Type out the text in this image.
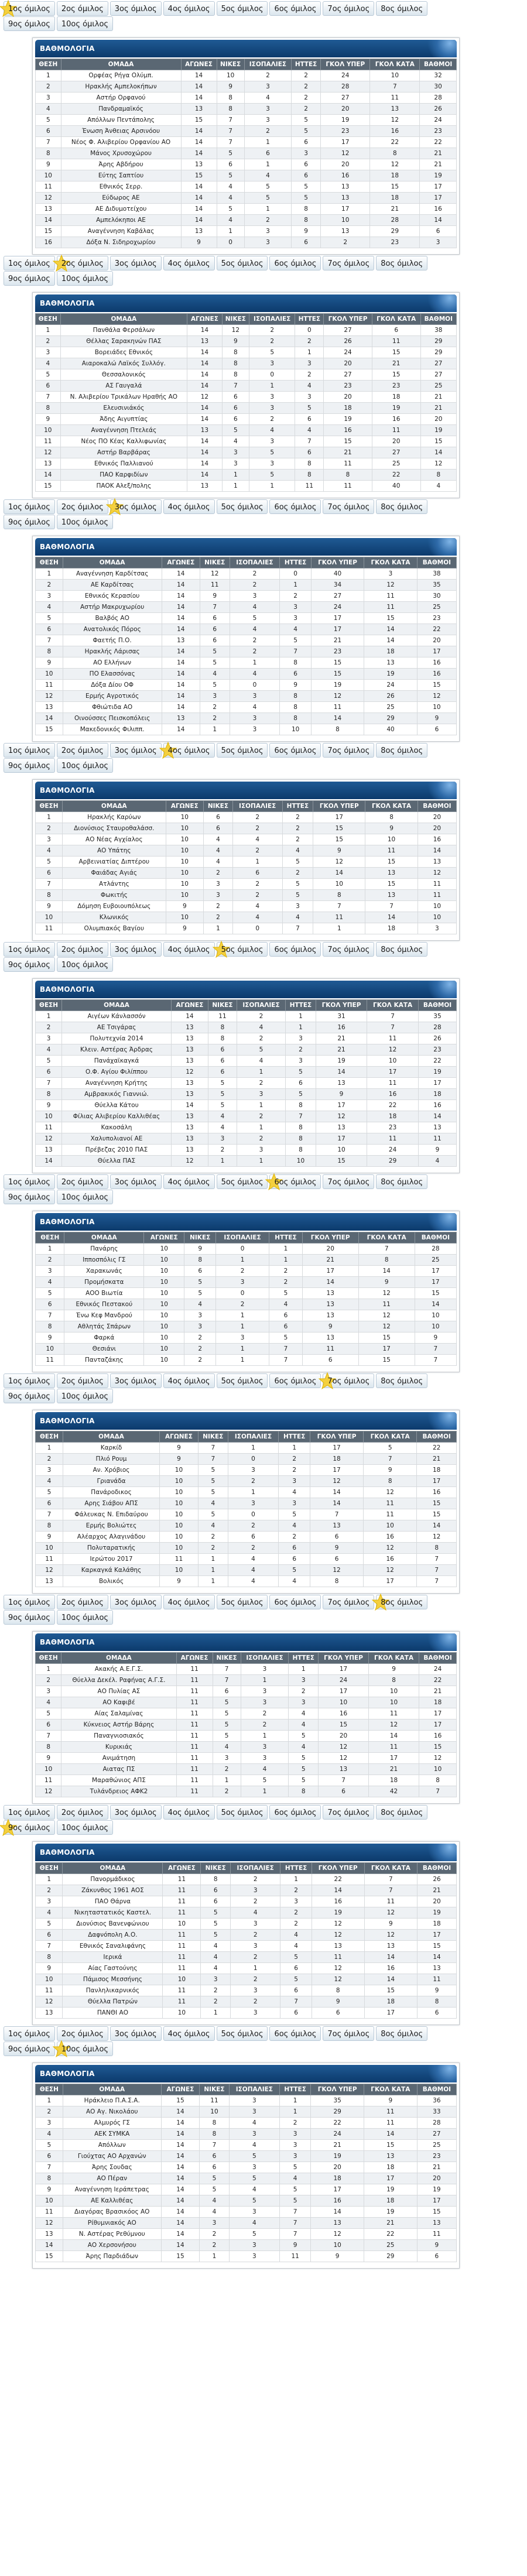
1ος όμιλος	2ος όμιλος	3ος όμιλος	4ος όμιλος	5ος όμιλος	6ος όμιλος	7ος όμιλος	8ος όμιλος
9ος όμιλος	10ος όμιλος
ΒΑΘΜΟΛΟΓΙΑ
ΘΕΣΗ	ΟΜΑΔΑ	ΑΓΩΝΕΣ	ΝΙΚΕΣ	ΙΣΟΠΑΛΙΕΣ	ΗΤΤΕΣ	ΓΚΟΛ ΥΠΕΡ	ΓΚΟΛ ΚΑΤΑ	ΒΑΘΜΟΙ
1	Ορφέας Ρήγα Ολύμπ.	14	10	2	2	24	10	32
2	Ηρακλής Αμπελοκήπων	14	9	3	2	28	7	30
3	Αστήρ Ορφανού	14	8	4	2	27	11	28
4	Πανδραμαϊκός	13	8	3	2	20	13	26
5	Απόλλων Πεντάπολης	15	7	3	5	19	12	24
6	Ένωση Άνθειας Αρσινόου	14	7	2	5	23	16	23
7	Νέος Φ. Αλιβερίου Ορφανίου ΑΟ	14	7	1	6	17	22	22
8	Μάνος Χρυσοχώρου	14	5	6	3	12	8	21
9	Άρης Αβδήρου	13	6	1	6	20	12	21
10	Εύτης Σαπτίου	15	5	4	6	16	18	19
11	Εθνικός Σερρ.	14	4	5	5	13	15	17
12	Εύδωρος ΑΕ	14	4	5	5	13	18	17
13	ΑΕ Διδυμοτείχου	14	5	1	8	17	21	16
14	Αμπελόκηποι ΑΕ	14	4	2	8	10	28	14
15	Αναγέννηση Καβάλας	13	1	3	9	13	29	6
16	Δόξα Ν. Σιδηροχωρίου	9	0	3	6	2	23	3
1ος όμιλος	2ος όμιλος	3ος όμιλος	4ος όμιλος	5ος όμιλος	6ος όμιλος	7ος όμιλος	8ος όμιλος
9ος όμιλος	10ος όμιλος
ΒΑΘΜΟΛΟΓΙΑ
ΘΕΣΗ	ΟΜΑΔΑ	ΑΓΩΝΕΣ	ΝΙΚΕΣ	ΙΣΟΠΑΛΙΕΣ	ΗΤΤΕΣ	ΓΚΟΛ ΥΠΕΡ	ΓΚΟΛ ΚΑΤΑ	ΒΑΘΜΟΙ
1	Πανθάλα Φερσάλων	14	12	2	0	27	6	38
2	Θέλλας Σαρακηνών ΠΑΣ	13	9	2	2	26	11	29
3	Βορειάδες Εθνικός	14	8	5	1	24	15	29
4	Αιαροκαλώ Λαϊκός Συλλόγ.	14	8	3	3	20	21	27
5	Θεσσαλονικός	14	8	0	2	27	15	27
6	ΑΣ Γαυγαλά	14	7	1	4	23	23	25
7	Ν. Αλιβερίου Τρικάλων Ηραθής ΑΟ	12	6	3	3	20	18	21
8	Ελευσινιάκός	14	6	3	5	18	19	21
9	Άδης Αιγυπτίας	14	6	2	6	19	16	20
10	Αναγέννηση Πτελεάς	13	5	4	4	16	11	19
11	Νέος ΠΟ Κέας Καλλιφωνίας	14	4	3	7	15	20	15
12	Αστήρ Βαρβάρας	14	3	5	6	21	27	14
13	Εθνικός Παλλιανού	14	3	3	8	11	25	12
14	ΠΑΟ Καρφιδίων	14	1	5	8	8	22	8
15	ΠΑΟΚ Αλεξ/πολης	13	1	1	11	11	40	4
1ος όμιλος	2ος όμιλος	3ος όμιλος	4ος όμιλος	5ος όμιλος	6ος όμιλος	7ος όμιλος	8ος όμιλος
9ος όμιλος	10ος όμιλος
ΒΑΘΜΟΛΟΓΙΑ
ΘΕΣΗ	ΟΜΑΔΑ	ΑΓΩΝΕΣ	ΝΙΚΕΣ	ΙΣΟΠΑΛΙΕΣ	ΗΤΤΕΣ	ΓΚΟΛ ΥΠΕΡ	ΓΚΟΛ ΚΑΤΑ	ΒΑΘΜΟΙ
1	Αναγέννηση Καρδίτσας	14	12	2	0	40	3	38
2	ΑΕ Καρδίτσας	14	11	2	1	34	12	35
3	Εθνικός Κερασίου	14	9	3	2	27	11	30
4	Αστήρ Μακρυχωρίου	14	7	4	3	24	11	25
5	Βαλβός ΑΟ	14	6	5	3	17	15	23
6	Ανατολικός Πόρος	14	6	4	4	17	14	22
7	Φαετής Π.Ο.	13	6	2	5	21	14	20
8	Ηρακλής Λάρισας	14	5	2	7	23	18	17
9	ΑΟ Ελλήνων	14	5	1	8	15	13	16
10	ΠΟ Ελασσόνας	14	4	4	6	15	19	16
11	Δόξα Δίου ΟΦ	14	5	0	9	19	24	15
12	Ερμής Αγροτικός	14	3	3	8	12	26	12
13	Φθιώτιδα ΑΟ	14	2	4	8	11	25	10
14	Οινούσσες Πεισκοπόλεις	13	2	3	8	14	29	9
15	Μακεδονικός Φιλιππ.	14	1	3	10	8	40	6
1ος όμιλος	2ος όμιλος	3ος όμιλος	4ος όμιλος	5ος όμιλος	6ος όμιλος	7ος όμιλος	8ος όμιλος
9ος όμιλος	10ος όμιλος
ΒΑΘΜΟΛΟΓΙΑ
ΘΕΣΗ	ΟΜΑΔΑ	ΑΓΩΝΕΣ	ΝΙΚΕΣ	ΙΣΟΠΑΛΙΕΣ	ΗΤΤΕΣ	ΓΚΟΛ ΥΠΕΡ	ΓΚΟΛ ΚΑΤΑ	ΒΑΘΜΟΙ
1	Ηρακλής Καρύων	10	6	2	2	17	8	20
2	Διονύσιος Σταυροθαλάσσ.	10	6	2	2	15	9	20
3	ΑΟ Νέας Αγχίαλος	10	4	4	2	15	10	16
4	ΑΟ Υπάτης	10	4	2	4	9	11	14
5	Αρβεινιατίας Διπτέρου	10	4	1	5	12	15	13
6	Φαιάδας Αγιάς	10	2	6	2	14	13	12
7	Ατλάντης	10	3	2	5	10	15	11
8	Φωκιτής	10	3	2	5	8	13	11
9	Δόμηση Ευβοιουπόλεως	9	2	4	3	7	7	10
10	Κλωνικός	10	2	4	4	11	14	10
11	Ολυμπιακός Βαγίου	9	1	0	7	1	18	3
1ος όμιλος	2ος όμιλος	3ος όμιλος	4ος όμιλος	5ος όμιλος	6ος όμιλος	7ος όμιλος	8ος όμιλος
9ος όμιλος	10ος όμιλος
ΒΑΘΜΟΛΟΓΙΑ
ΘΕΣΗ	ΟΜΑΔΑ	ΑΓΩΝΕΣ	ΝΙΚΕΣ	ΙΣΟΠΑΛΙΕΣ	ΗΤΤΕΣ	ΓΚΟΛ ΥΠΕΡ	ΓΚΟΛ ΚΑΤΑ	ΒΑΘΜΟΙ
1	Αιγέων Κάνλασσόν	14	11	2	1	31	7	35
2	ΑΕ Τσιγάρας	13	8	4	1	16	7	28
3	Πολυτεχνία 2014	13	8	2	3	21	11	26
4	Κλειν. Αστέρας Άρδρας	13	6	5	2	21	12	23
5	Πανάχαϊκαγκά	13	6	4	3	19	10	22
6	Ο.Φ. Αγίου Φιλίππου	12	6	1	5	14	17	19
7	Αναγέννηση Κρήτης	13	5	2	6	13	11	17
8	Αμβρακικός Γιαννιώ.	13	5	3	5	9	16	18
9	Θύελλα Κάτου	14	5	1	8	17	22	16
10	Φίλιας Αλιβερίου Καλλιθέας	13	4	2	7	12	18	14
11	Κακοσάλη	13	4	1	8	13	23	13
12	Χαλυπολιανοί ΑΕ	13	3	2	8	17	11	11
13	Πρέβεζας 2010 ΠΑΣ	13	2	3	8	10	24	9
14	Θύελλα ΠΑΣ	12	1	1	10	15	29	4
1ος όμιλος	2ος όμιλος	3ος όμιλος	4ος όμιλος	5ος όμιλος	6ος όμιλος	7ος όμιλος	8ος όμιλος
9ος όμιλος	10ος όμιλος
ΒΑΘΜΟΛΟΓΙΑ
ΘΕΣΗ	ΟΜΑΔΑ	ΑΓΩΝΕΣ	ΝΙΚΕΣ	ΙΣΟΠΑΛΙΕΣ	ΗΤΤΕΣ	ΓΚΟΛ ΥΠΕΡ	ΓΚΟΛ ΚΑΤΑ	ΒΑΘΜΟΙ
1	Πανάρης	10	9	0	1	20	7	28
2	Ιπποσπόλις ΓΣ	10	8	1	1	21	8	25
3	Χαρακωνάς	10	6	2	2	17	14	17
4	Προμήσκατα	10	5	3	2	14	9	17
5	ΑΟΟ Βιωτία	10	5	0	5	13	12	15
6	Εθνικός Πεστακού	10	4	2	4	13	11	14
7	Ένω Κεφ Μανδρού	10	3	1	6	13	12	10
8	Αθλητάς Σπάρων	10	3	1	6	9	12	10
9	Φαρκά	10	2	3	5	13	15	9
10	Θεσιάνι	10	2	1	7	11	17	7
11	Πανταζάκης	10	2	1	7	6	15	7
1ος όμιλος	2ος όμιλος	3ος όμιλος	4ος όμιλος	5ος όμιλος	6ος όμιλος	7ος όμιλος	8ος όμιλος
9ος όμιλος	10ος όμιλος
ΒΑΘΜΟΛΟΓΙΑ
ΘΕΣΗ	ΟΜΑΔΑ	ΑΓΩΝΕΣ	ΝΙΚΕΣ	ΙΣΟΠΑΛΙΕΣ	ΗΤΤΕΣ	ΓΚΟΛ ΥΠΕΡ	ΓΚΟΛ ΚΑΤΑ	ΒΑΘΜΟΙ
1	Καρκίδ	9	7	1	1	17	5	22
2	Πλιό Ρουμ	9	7	0	2	18	7	21
3	Αν. Χρόβιος	10	5	3	2	17	9	18
4	Γριανάδα	10	5	2	3	12	8	17
5	Πανάροδικος	10	5	1	4	14	12	16
6	Αρης Σιάβου ΑΠΣ	10	4	3	3	14	11	15
7	Φάλευκας Ν. Επιδαύρου	10	5	0	5	7	11	15
8	Ερμής Βολιώτες	10	4	2	4	13	10	14
9	Αλέαρχος Αλαγινάδου	10	2	6	2	6	16	12
10	Πολυταρατικής	10	2	2	6	9	12	8
11	Ιερώτου 2017	11	1	4	6	6	16	7
12	Καρκαγκά Καλάθης	10	1	4	5	12	12	7
13	Βολικός	9	1	4	4	8	17	7
1ος όμιλος	2ος όμιλος	3ος όμιλος	4ος όμιλος	5ος όμιλος	6ος όμιλος	7ος όμιλος	8ος όμιλος
9ος όμιλος	10ος όμιλος
ΒΑΘΜΟΛΟΓΙΑ
ΘΕΣΗ	ΟΜΑΔΑ	ΑΓΩΝΕΣ	ΝΙΚΕΣ	ΙΣΟΠΑΛΙΕΣ	ΗΤΤΕΣ	ΓΚΟΛ ΥΠΕΡ	ΓΚΟΛ ΚΑΤΑ	ΒΑΘΜΟΙ
1	Ακακής Α.Ε.Γ.Σ.	11	7	3	1	17	9	24
2	Θύελλα Δεκέλ. Ραφήνας Α.Γ.Σ.	11	7	1	3	24	8	22
3	ΑΟ Πυλίας ΑΣ	11	6	3	2	17	10	21
4	ΑΟ Καφιβέ	11	5	3	3	10	10	18
5	Αίας Σαλαμίνας	11	5	2	4	16	11	17
6	Κύκνειος Αστήρ Βάρης	11	5	2	4	15	12	17
7	Παναγνιοσιακός	11	5	1	5	20	14	16
8	Κυρικιάς	11	4	3	4	12	11	15
9	Ανιμάτηση	11	3	3	5	12	17	12
10	Αιατας ΠΣ	11	2	4	5	13	21	10
11	Μαραθώνιος ΑΠΣ	11	1	5	5	7	18	8
12	Τυλάνδρειος ΑΦΚ2	11	2	1	8	6	42	7
1ος όμιλος	2ος όμιλος	3ος όμιλος	4ος όμιλος	5ος όμιλος	6ος όμιλος	7ος όμιλος	8ος όμιλος
9ος όμιλος	10ος όμιλος
ΒΑΘΜΟΛΟΓΙΑ
ΘΕΣΗ	ΟΜΑΔΑ	ΑΓΩΝΕΣ	ΝΙΚΕΣ	ΙΣΟΠΑΛΙΕΣ	ΗΤΤΕΣ	ΓΚΟΛ ΥΠΕΡ	ΓΚΟΛ ΚΑΤΑ	ΒΑΘΜΟΙ
1	Πανορμάδικος	11	8	2	1	22	7	26
2	Ζάκυνθος 1961 ΑΟΣ	11	6	3	2	14	7	21
3	ΠΑΟ Θάρνα	11	6	2	3	16	11	20
4	Νικηταστατικός Καστελ.	11	5	4	2	19	12	19
5	Διονύσιος Βανενφώνιου	10	5	3	2	12	9	18
6	Δαφνόπολη Α.Ο.	11	5	2	4	12	12	17
7	Εθνικός Σαναλιφάνης	11	4	3	4	13	13	15
8	Ιερικά	11	4	2	5	11	14	14
9	Αίας Γαστούνης	11	4	1	6	12	16	13
10	Πάμισος Μεσσήνης	10	3	2	5	12	14	11
11	Πανληλικαρνικός	11	2	3	6	8	15	9
12	Θύελλα Πατρών	11	2	2	7	9	18	8
13	ΠΑΝΘΙ ΑΟ	10	1	3	6	6	17	6
1ος όμιλος	2ος όμιλος	3ος όμιλος	4ος όμιλος	5ος όμιλος	6ος όμιλος	7ος όμιλος	8ος όμιλος
9ος όμιλος	10ος όμιλος
ΒΑΘΜΟΛΟΓΙΑ
ΘΕΣΗ	ΟΜΑΔΑ	ΑΓΩΝΕΣ	ΝΙΚΕΣ	ΙΣΟΠΑΛΙΕΣ	ΗΤΤΕΣ	ΓΚΟΛ ΥΠΕΡ	ΓΚΟΛ ΚΑΤΑ	ΒΑΘΜΟΙ
1	Ηράκλειο Π.Α.Σ.Α.	15	11	3	1	35	9	36
2	ΑΟ Αγ. Νικολάου	14	10	3	1	29	11	33
3	Αλμυρός ΓΣ	14	8	4	2	22	11	28
4	ΑΕΚ ΣΥΜΚΑ	14	8	3	3	24	14	27
5	Απόλλων	14	7	4	3	21	15	25
6	Γιούχτας ΑΟ Αρχανών	14	6	5	3	19	13	23
7	Άρης Σουδας	14	6	3	5	20	18	21
8	ΑΟ Πέραν	14	5	5	4	18	17	20
9	Αναγέννηση Ιεράπετρας	14	5	4	5	17	19	19
10	ΑΕ Καλλιθέας	14	4	5	5	16	18	17
11	Διαγόρας Βρασικόος ΑΟ	14	4	3	7	14	19	15
12	Ρίθυμνιακός ΑΟ	14	3	4	7	13	21	13
13	Ν. Αστέρας Ρεθύμνου	14	2	5	7	12	22	11
14	ΑΟ Χερσονήσου	14	2	3	9	10	25	9
15	Άρης Παρδιάδων	15	1	3	11	9	29	6
